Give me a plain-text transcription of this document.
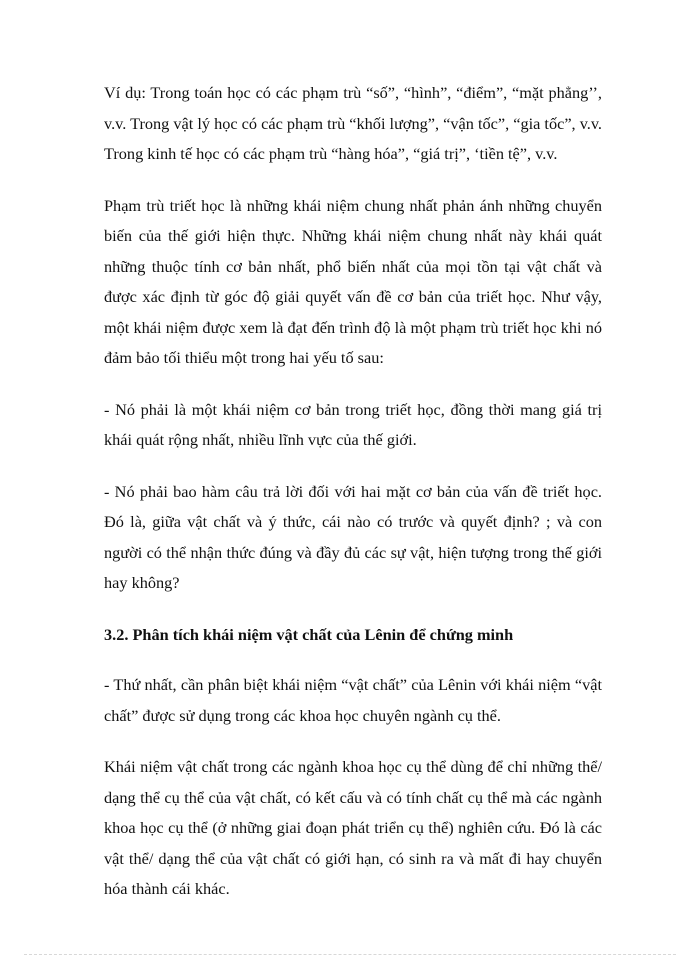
Ví dụ: Trong toán học có các phạm trù “số”, “hình”, “điểm”, “mặt phẳng’’, v.v. Trong vật lý học có các phạm trù “khối lượng”, “vận tốc”, “gia tốc”, v.v. Trong kinh tế học có các phạm trù “hàng hóa”, “giá trị”, ‘tiền tệ”, v.v.

Phạm trù triết học là những khái niệm chung nhất phản ánh những chuyển biến của thế giới hiện thực. Những khái niệm chung nhất này khái quát những thuộc tính cơ bản nhất, phổ biến nhất của mọi tồn tại vật chất và được xác định từ góc độ giải quyết vấn đề cơ bản của triết học. Như vậy, một khái niệm được xem là đạt đến trình độ là một phạm trù triết học khi nó đảm bảo tối thiểu một trong hai yếu tố sau:

- Nó phải là một khái niệm cơ bản trong triết học, đồng thời mang giá trị khái quát rộng nhất, nhiều lĩnh vực của thế giới.

- Nó phải bao hàm câu trả lời đối với hai mặt cơ bản của vấn đề triết học. Đó là, giữa vật chất và ý thức, cái nào có trước và quyết định? ; và con người có thể nhận thức đúng và đầy đủ các sự vật, hiện tượng trong thế giới hay không?

3.2. Phân tích khái niệm vật chất của Lênin để chứng minh

- Thứ nhất, cần phân biệt khái niệm “vật chất” của Lênin với khái niệm “vật chất” được sử dụng trong các khoa học chuyên ngành cụ thể.

Khái niệm vật chất trong các ngành khoa học cụ thể dùng để chỉ những thể/ dạng thể cụ thể của vật chất, có kết cấu và có tính chất cụ thể mà các ngành khoa học cụ thể (ở những giai đoạn phát triển cụ thể) nghiên cứu. Đó là các vật thể/ dạng thể của vật chất có giới hạn, có sinh ra và mất đi hay chuyển hóa thành cái khác.
